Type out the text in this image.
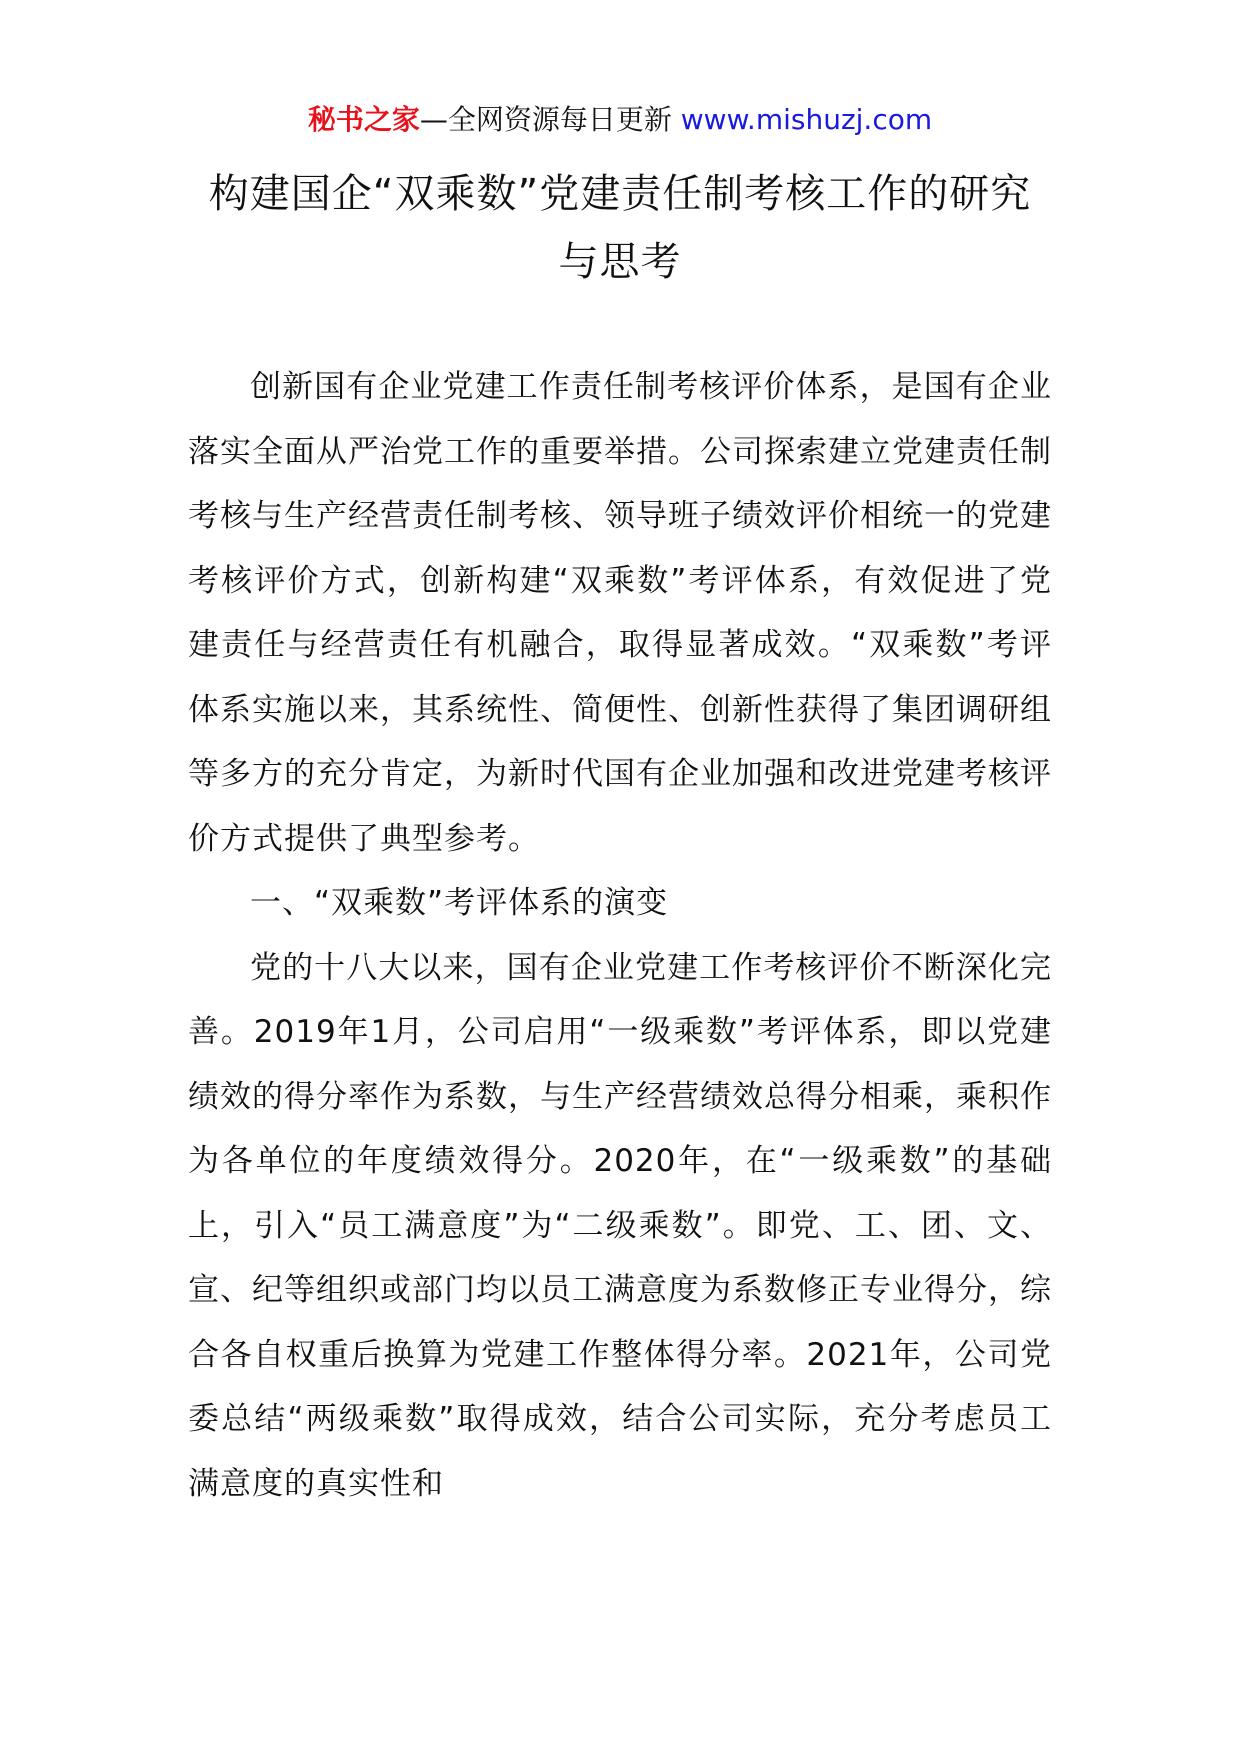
秘书之家—全网资源每日更新 www.mishuzj.com
构建国企“双乘数”党建责任制考核工作的研究与思考

创新国有企业党建工作责任制考核评价体系，是国有企业落实全面从严治党工作的重要举措。公司探索建立党建责任制考核与生产经营责任制考核、领导班子绩效评价相统一的党建考核评价方式，创新构建“双乘数”考评体系，有效促进了党建责任与经营责任有机融合，取得显著成效。“双乘数”考评体系实施以来，其系统性、简便性、创新性获得了集团调研组等多方的充分肯定，为新时代国有企业加强和改进党建考核评价方式提供了典型参考。

一、“双乘数”考评体系的演变

党的十八大以来，国有企业党建工作考核评价不断深化完善。2019年1月，公司启用“一级乘数”考评体系，即以党建绩效的得分率作为系数，与生产经营绩效总得分相乘，乘积作为各单位的年度绩效得分。2020年，在“一级乘数”的基础上，引入“员工满意度”为“二级乘数”。即党、工、团、文、宣、纪等组织或部门均以员工满意度为系数修正专业得分，综合各自权重后换算为党建工作整体得分率。2021年，公司党委总结“两级乘数”取得成效，结合公司实际，充分考虑员工满意度的真实性和
